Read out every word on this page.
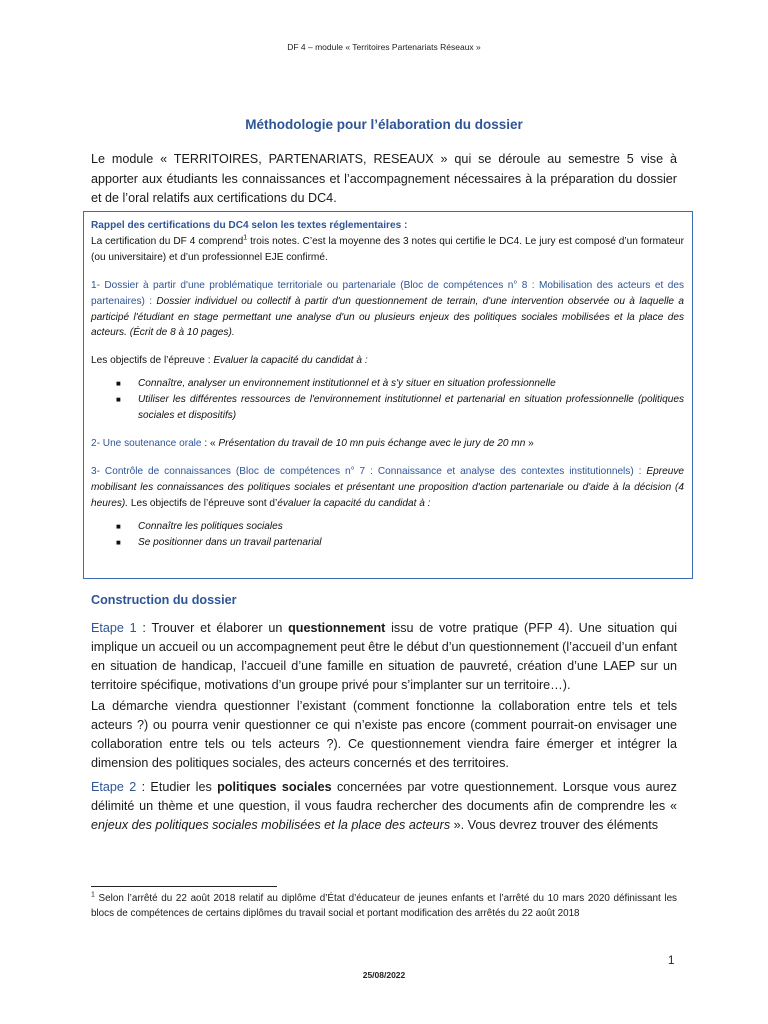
DF 4 – module « Territoires Partenariats Réseaux »
Méthodologie pour l’élaboration du dossier

Le module « TERRITOIRES, PARTENARIATS, RESEAUX » qui se déroule au semestre 5 vise à apporter aux étudiants les connaissances et l’accompagnement nécessaires à la préparation du dossier et de l’oral relatifs aux certifications du DC4.

Rappel des certifications du DC4 selon les textes réglementaires :

La certification du DF 4 comprend$^1$ trois notes. C’est la moyenne des 3 notes qui certifie le DC4. Le jury est composé d’un formateur (ou universitaire) et d’un professionnel EJE confirmé.

1- Dossier à partir d'une problématique territoriale ou partenariale (Bloc de compétences n° 8 : Mobilisation des acteurs et des partenaires) : Dossier individuel ou collectif à partir d'un questionnement de terrain, d'une intervention observée ou à laquelle a participé l'étudiant en stage permettant une analyse d'un ou plusieurs enjeux des politiques sociales mobilisées et la place des acteurs. (Écrit de 8 à 10 pages).

Les objectifs de l’épreuve : Evaluer la capacité du candidat à :

■ Connaître, analyser un environnement institutionnel et à s'y situer en situation professionnelle
■ Utiliser les différentes ressources de l'environnement institutionnel et partenarial en situation professionnelle (politiques sociales et dispositifs)

2- Une soutenance orale : « Présentation du travail de 10 mn puis échange avec le jury de 20 mn »

3- Contrôle de connaissances (Bloc de compétences n° 7 : Connaissance et analyse des contextes institutionnels) : Epreuve mobilisant les connaissances des politiques sociales et présentant une proposition d'action partenariale ou d'aide à la décision (4 heures). Les objectifs de l’épreuve sont d’évaluer la capacité du candidat à :

■ Connaître les politiques sociales
■ Se positionner dans un travail partenarial
Construction du dossier

Etape 1 : Trouver et élaborer un questionnement issu de votre pratique (PFP 4). Une situation qui implique un accueil ou un accompagnement peut être le début d’un questionnement (l’accueil d’un enfant en situation de handicap, l’accueil d’une famille en situation de pauvreté, création d’une LAEP sur un territoire spécifique, motivations d’un groupe privé pour s’implanter sur un territoire…).

La démarche viendra questionner l’existant (comment fonctionne la collaboration entre tels et tels acteurs ?) ou pourra venir questionner ce qui n’existe pas encore (comment pourrait-on envisager une collaboration entre tels ou tels acteurs ?). Ce questionnement viendra faire émerger et intégrer la dimension des politiques sociales, des acteurs concernés et des territoires.

Etape 2 : Etudier les politiques sociales concernées par votre questionnement. Lorsque vous aurez délimité un thème et une question, il vous faudra rechercher des documents afin de comprendre les « enjeux des politiques sociales mobilisées et la place des acteurs ». Vous devrez trouver des éléments

$^1$ Selon l’arrêté du 22 août 2018 relatif au diplôme d’État d’éducateur de jeunes enfants et l’arrêté du 10 mars 2020 définissant les blocs de compétences de certains diplômes du travail social et portant modification des arrêtés du 22 août 2018
1
25/08/2022
